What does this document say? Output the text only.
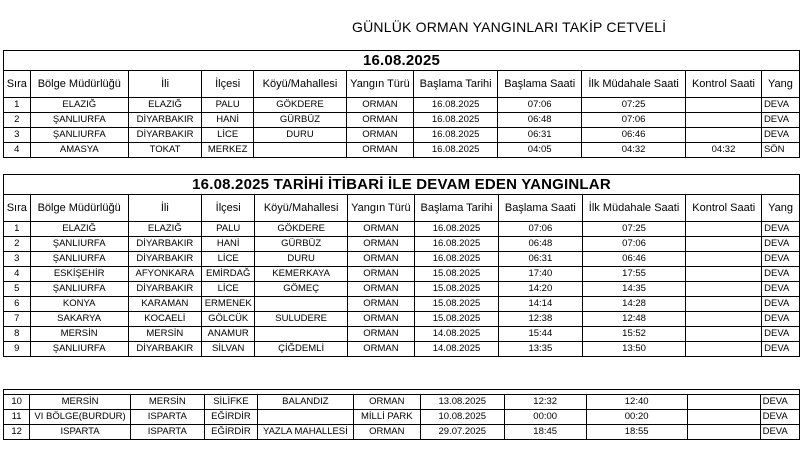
GÜNLÜK ORMAN YANGINLARI TAKİP CETVELİ
16.08.2025										
Sıra	Bölge Müdürlüğü	İli	İlçesi	Köyü/Mahallesi	Yangın Türü	Başlama Tarihi	Başlama Saati	İlk Müdahale Saati	Kontrol Saati	Yang
1	ELAZIĞ	ELAZIĞ	PALU	GÖKDERE	ORMAN	16.08.2025	07:06	07:25		DEVA
2	ŞANLIURFA	DİYARBAKIR	HANİ	GÜRBÜZ	ORMAN	16.08.2025	06:48	07:06		DEVA
3	ŞANLIURFA	DİYARBAKIR	LİCE	DURU	ORMAN	16.08.2025	06:31	06:46		DEVA
4	AMASYA	TOKAT	MERKEZ		ORMAN	16.08.2025	04:05	04:32	04:32	SÖN
16.08.2025 TARİHİ İTİBARİ İLE DEVAM EDEN YANGINLAR										
Sıra	Bölge Müdürlüğü	İli	İlçesi	Köyü/Mahallesi	Yangın Türü	Başlama Tarihi	Başlama Saati	İlk Müdahale Saati	Kontrol Saati	Yang
1	ELAZIĞ	ELAZIĞ	PALU	GÖKDERE	ORMAN	16.08.2025	07:06	07:25		DEVA
2	ŞANLIURFA	DİYARBAKIR	HANİ	GÜRBÜZ	ORMAN	16.08.2025	06:48	07:06		DEVA
3	ŞANLIURFA	DİYARBAKIR	LİCE	DURU	ORMAN	16.08.2025	06:31	06:46		DEVA
4	ESKİŞEHİR	AFYONKARA	EMİRDAĞ	KEMERKAYA	ORMAN	15.08.2025	17:40	17:55		DEVA
5	ŞANLIURFA	DİYARBAKIR	LİCE	GÖMEÇ	ORMAN	15.08.2025	14:20	14:35		DEVA
6	KONYA	KARAMAN	ERMENEK		ORMAN	15.08.2025	14:14	14:28		DEVA
7	SAKARYA	KOCAELİ	GÖLCÜK	SULUDERE	ORMAN	15.08.2025	12:38	12:48		DEVA
8	MERSİN	MERSİN	ANAMUR		ORMAN	14.08.2025	15:44	15:52		DEVA
9	ŞANLIURFA	DİYARBAKIR	SİLVAN	ÇİĞDEMLİ	ORMAN	14.08.2025	13:35	13:50		DEVA

10	MERSİN	MERSİN	SİLİFKE	BALANDIZ	ORMAN	13.08.2025	12:32	12:40		DEVA
11	VI BÖLGE(BURDUR)	ISPARTA	EĞİRDİR		MİLLİ PARK	10.08.2025	00:00	00:20		DEVA
12	ISPARTA	ISPARTA	EĞİRDİR	YAZLA MAHALLESİ	ORMAN	29.07.2025	18:45	18:55		DEVA
